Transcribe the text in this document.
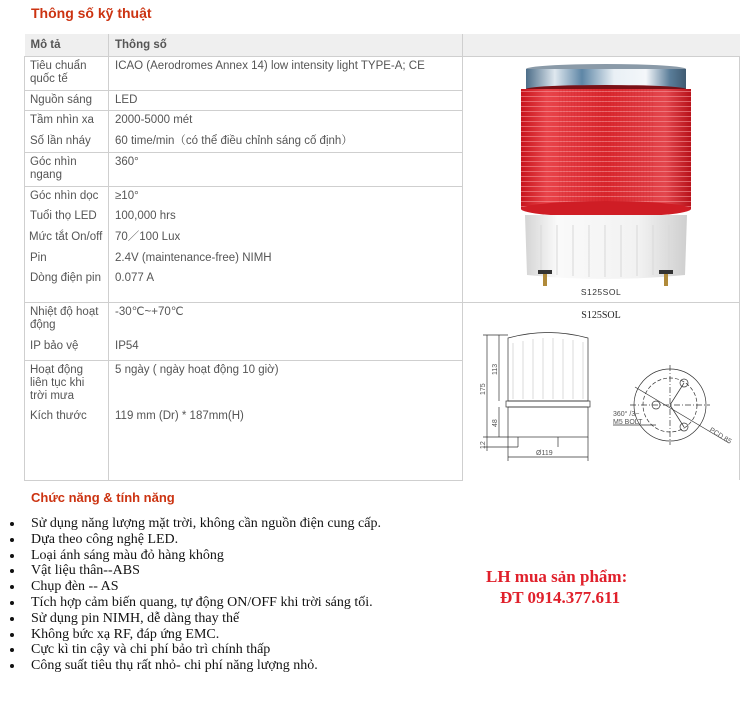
Thông số kỹ thuật
Mô tả	Thông số	
Tiêu chuẩn quốc tế	ICAO (Aerodromes Annex 14) low intensity light TYPE-A; CE	S125SOL

Nguồn sáng	LED	
Tầm nhìn xa	2000-5000 mét	
Số lần nháy	60 time/min（có thể điều chỉnh sáng cố định）	
Góc nhìn ngang	360°	
Góc nhìn dọc	≥10°	
Tuổi thọ LED	100,000 hrs	
Mức tắt On/off	70／100 Lux	
Pin	2.4V (maintenance-free) NIMH	
Dòng điện pin	0.077 A	
Nhiệt độ hoạt động	-30℃~+70℃	S125SOL
175
113
48
12
Ø119
360° /3−
M5 BOLT
PCD 85

IP bảo vệ	IP54	
Hoạt động liên tục khi trời mưa	5 ngày ( ngày hoạt động 10 giờ)	
Kích thước	119 mm (Dr) * 187mm(H)	
Chức năng & tính năng
Sử dụng năng lượng mặt trời, không cần nguồn điện cung cấp.
Dựa theo công nghệ LED.
Loại ánh sáng màu đỏ hàng không
Vật liệu thân--ABS
Chụp đèn -- AS
Tích hợp cảm biến quang, tự động ON/OFF khi trời sáng tối.
Sử dụng pin NIMH, dễ dàng thay thế
Không bức xạ RF, đáp ứng EMC.
Cực kì tin cậy và chi phí bảo trì chính thấp
Công suất tiêu thụ rất nhỏ- chi phí năng lượng nhỏ.
LH mua sản phẩm:
ĐT 0914.377.611
